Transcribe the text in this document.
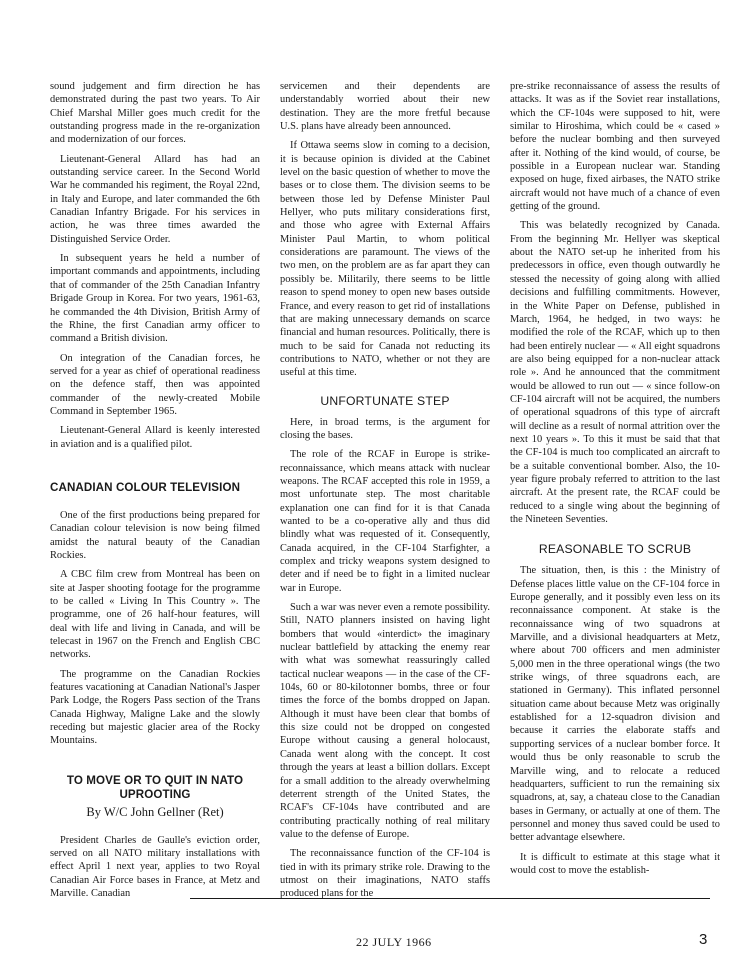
sound judgement and firm direction he has demonstrated during the past two years. To Air Chief Marshal Miller goes much credit for the outstanding progress made in the re-organization and modernization of our forces.

Lieutenant-General Allard has had an outstanding service career. In the Second World War he commanded his regiment, the Royal 22nd, in Italy and Europe, and later commanded the 6th Canadian Infantry Brigade. For his services in action, he was three times awarded the Distinguished Service Order.

In subsequent years he held a number of important commands and appointments, including that of commander of the 25th Canadian Infantry Brigade Group in Korea. For two years, 1961-63, he commanded the 4th Division, British Army of the Rhine, the first Canadian army officer to command a British division.

On integration of the Canadian forces, he served for a year as chief of operational readiness on the defence staff, then was appointed commander of the newly-created Mobile Command in September 1965.

Lieutenant-General Allard is keenly interested in aviation and is a qualified pilot.

CANADIAN COLOUR TELEVISION

One of the first productions being prepared for Canadian colour television is now being filmed amidst the natural beauty of the Canadian Rockies.

A CBC film crew from Montreal has been on site at Jasper shooting footage for the programme to be called « Living In This Country ». The programme, one of 26 half-hour features, will deal with life and living in Canada, and will be telecast in 1967 on the French and English CBC networks.

The programme on the Canadian Rockies features vacationing at Canadian National's Jasper Park Lodge, the Rogers Pass section of the Trans Canada Highway, Maligne Lake and the slowly receding but majestic glacier area of the Rocky Mountains.

TO MOVE OR TO QUIT IN NATO UPROOTING
By W/C John Gellner (Ret)

President Charles de Gaulle's eviction order, served on all NATO military installations with effect April 1 next year, applies to two Royal Canadian Air Force bases in France, at Metz and Marville. Canadian

servicemen and their dependents are understandably worried about their new destination. They are the more fretful because U.S. plans have already been announced.

If Ottawa seems slow in coming to a decision, it is because opinion is divided at the Cabinet level on the basic question of whether to move the bases or to close them. The division seems to be between those led by Defense Minister Paul Hellyer, who puts military considerations first, and those who agree with External Affairs Minister Paul Martin, to whom political considerations are paramount. The views of the two men, on the problem are as far apart they can possibly be. Militarily, there seems to be little reason to spend money to open new bases outside France, and every reason to get rid of installations that are making unnecessary demands on scarce financial and human resources. Politically, there is much to be said for Canada not reducting its contributions to NATO, whether or not they are useful at this time.

UNFORTUNATE STEP

Here, in broad terms, is the argument for closing the bases.

The role of the RCAF in Europe is strike-reconnaissance, which means attack with nuclear weapons. The RCAF accepted this role in 1959, a most unfortunate step. The most charitable explanation one can find for it is that Canada wanted to be a co-operative ally and thus did blindly what was requested of it. Consequently, Canada acquired, in the CF-104 Starfighter, a complex and tricky weapons system designed to deter and if need be to fight in a limited nuclear war in Europe.

Such a war was never even a remote possibility. Still, NATO planners insisted on having light bombers that would «interdict» the imaginary nuclear battlefield by attacking the enemy rear with what was somewhat reassuringly called tactical nuclear weapons — in the case of the CF-104s, 60 or 80-kilotonner bombs, three or four times the force of the bombs dropped on Japan. Although it must have been clear that bombs of this size could not be dropped on congested Europe without causing a general holocaust, Canada went along with the concept. It cost through the years at least a billion dollars. Except for a small addition to the already overwhelming deterrent strength of the United States, the RCAF's CF-104s have contributed and are contributing practically nothing of real military value to the defense of Europe.

The reconnaissance function of the CF-104 is tied in with its primary strike role. Drawing to the utmost on their imaginations, NATO staffs produced plans for the

pre-strike reconnaissance of assess the results of attacks. It was as if the Soviet rear installations, which the CF-104s were supposed to hit, were similar to Hiroshima, which could be « cased » before the nuclear bombing and then surveyed after it. Nothing of the kind would, of course, be possible in a European nuclear war. Standing exposed on huge, fixed airbases, the NATO strike aircraft would not have much of a chance of even getting of the ground.

This was belatedly recognized by Canada. From the beginning Mr. Hellyer was skeptical about the NATO set-up he inherited from his predecessors in office, even though outwardly he stessed the necessity of going along with allied decisions and fulfilling commitments. However, in the White Paper on Defense, published in March, 1964, he hedged, in two ways: he modified the role of the RCAF, which up to then had been entirely nuclear — « All eight squadrons are also being equipped for a non-nuclear attack role ». And he announced that the commitment would be allowed to run out — « since follow-on CF-104 aircraft will not be acquired, the numbers of operational squadrons of this type of aircraft will decline as a result of normal attrition over the next 10 years ». To this it must be said that that the CF-104 is much too complicated an aircraft to be a suitable conventional bomber. Also, the 10-year figure probaly referred to attrition to the last aircraft. At the present rate, the RCAF could be reduced to a single wing about the beginning of the Nineteen Seventies.

REASONABLE TO SCRUB

The situation, then, is this : the Ministry of Defense places little value on the CF-104 force in Europe generally, and it possibly even less on its reconnaissance component. At stake is the reconnaissance wing of two squadrons at Marville, and a divisional headquarters at Metz, where about 700 officers and men administer 5,000 men in the three operational wings (the two strike wings, of three squadrons each, are stationed in Germany). This inflated personnel situation came about because Metz was originally established for a 12-squadron division and because it carries the elaborate staffs and supporting services of a nuclear bomber force. It would thus be only reasonable to scrub the Marville wing, and to relocate a reduced headquarters, sufficient to run the remaining six squadrons, at, say, a chateau close to the Canadian bases in Germany, or actually at one of them. The personnel and money thus saved could be used to better advantage elsewhere.

It is difficult to estimate at this stage what it would cost to move the establish-

22 JULY 1966	3
